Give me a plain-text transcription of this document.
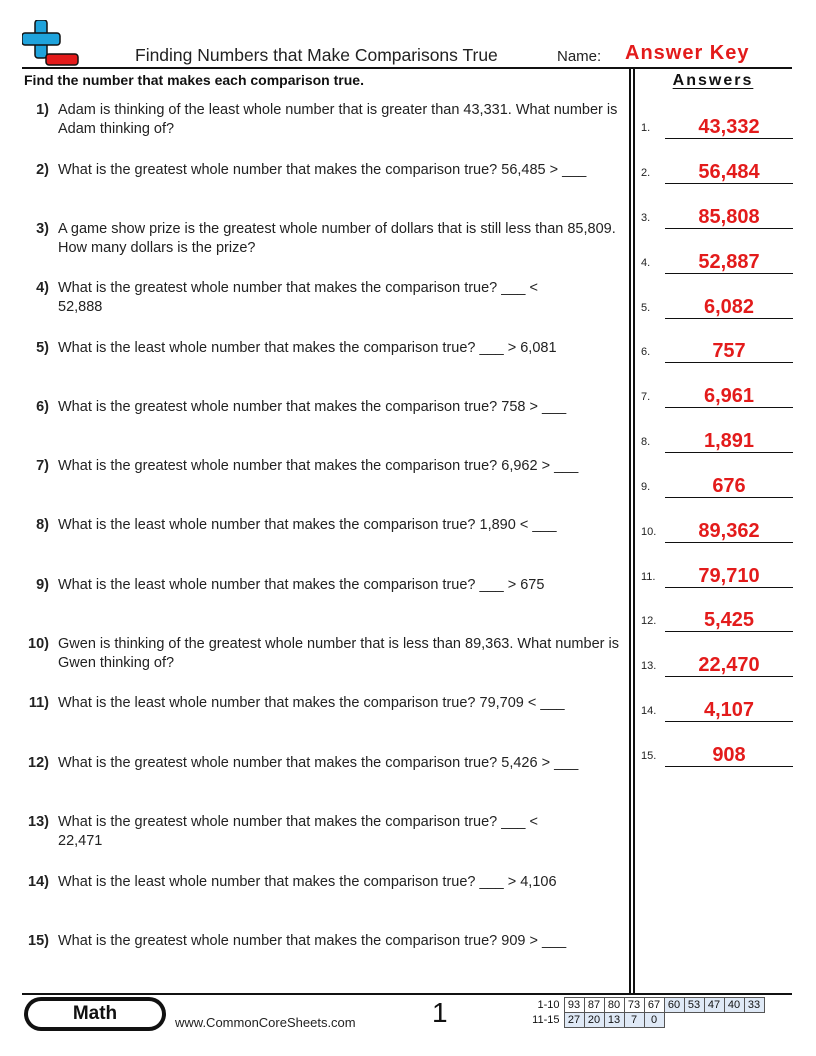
Finding Numbers that Make Comparisons True	Name: Answer Key
Find the number that makes each comparison true.	Answers
1) Adam is thinking of the least whole number that is greater than 43,331. What number is Adam thinking of?
2) What is the greatest whole number that makes the comparison true? 56,485 > ___
3) A game show prize is the greatest whole number of dollars that is still less than 85,809. How many dollars is the prize?
4) What is the greatest whole number that makes the comparison true? ___ < 52,888
5) What is the least whole number that makes the comparison true? ___ > 6,081
6) What is the greatest whole number that makes the comparison true? 758 > ___
7) What is the greatest whole number that makes the comparison true? 6,962 > ___
8) What is the least whole number that makes the comparison true? 1,890 < ___
9) What is the least whole number that makes the comparison true? ___ > 675
10) Gwen is thinking of the greatest whole number that is less than 89,363. What number is Gwen thinking of?
11) What is the least whole number that makes the comparison true? 79,709 < ___
12) What is the greatest whole number that makes the comparison true? 5,426 > ___
13) What is the greatest whole number that makes the comparison true? ___ < 22,471
14) What is the least whole number that makes the comparison true? ___ > 4,106
15) What is the greatest whole number that makes the comparison true? 909 > ___
1.	43,332
2.	56,484
3.	85,808
4.	52,887
5.	6,082
6.	757
7.	6,961
8.	1,891
9.	676
10.	89,362
11.	79,710
12.	5,425
13.	22,470
14.	4,107
15.	908
Math	www.CommonCoreSheets.com	1	1-10	93	87	80	73	67	60	53	47	40	33
11-15	27	20	13	7	0					
